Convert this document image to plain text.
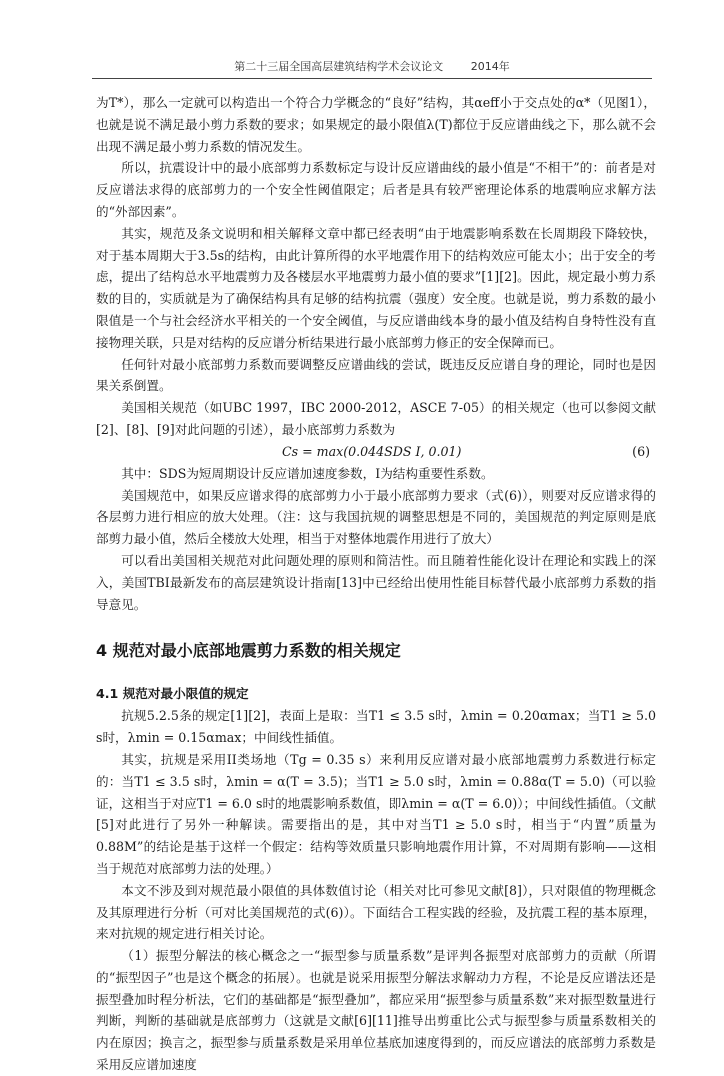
第二十三届全国高层建筑结构学术会议论文	2014年

为T*），那么一定就可以构造出一个符合力学概念的“良好”结构，其αeff小于交点处的α*（见图1），也就是说不满足最小剪力系数的要求；如果规定的最小限值λ(T)都位于反应谱曲线之下，那么就不会出现不满足最小剪力系数的情况发生。

所以，抗震设计中的最小底部剪力系数标定与设计反应谱曲线的最小值是“不相干”的：前者是对反应谱法求得的底部剪力的一个安全性阈值限定；后者是具有较严密理论体系的地震响应求解方法的“外部因素”。

其实，规范及条文说明和相关解释文章中都已经表明“由于地震影响系数在长周期段下降较快，对于基本周期大于3.5s的结构，由此计算所得的水平地震作用下的结构效应可能太小；出于安全的考虑，提出了结构总水平地震剪力及各楼层水平地震剪力最小值的要求”[1][2]。因此，规定最小剪力系数的目的，实质就是为了确保结构具有足够的结构抗震（强度）安全度。也就是说，剪力系数的最小限值是一个与社会经济水平相关的一个安全阈值，与反应谱曲线本身的最小值及结构自身特性没有直接物理关联，只是对结构的反应谱分析结果进行最小底部剪力修正的安全保障而已。

任何针对最小底部剪力系数而要调整反应谱曲线的尝试，既违反反应谱自身的理论，同时也是因果关系倒置。

美国相关规范（如UBC 1997，IBC 2000-2012，ASCE 7-05）的相关规定（也可以参阅文献[2]、[8]、[9]对此问题的引述），最小底部剪力系数为

Cs = max(0.044SDS I, 0.01)	(6)

其中：SDS为短周期设计反应谱加速度参数，I为结构重要性系数。

美国规范中，如果反应谱求得的底部剪力小于最小底部剪力要求（式(6)），则要对反应谱求得的各层剪力进行相应的放大处理。（注：这与我国抗规的调整思想是不同的，美国规范的判定原则是底部剪力最小值，然后全楼放大处理，相当于对整体地震作用进行了放大）

可以看出美国相关规范对此问题处理的原则和简洁性。而且随着性能化设计在理论和实践上的深入，美国TBI最新发布的高层建筑设计指南[13]中已经给出使用性能目标替代最小底部剪力系数的指导意见。

4 规范对最小底部地震剪力系数的相关规定
4.1 规范对最小限值的规定

抗规5.2.5条的规定[1][2]，表面上是取：当T1 ≤ 3.5 s时，λmin = 0.20αmax；当T1 ≥ 5.0 s时，λmin = 0.15αmax；中间线性插值。

其实，抗规是采用II类场地（Tg = 0.35 s）来利用反应谱对最小底部地震剪力系数进行标定的：当T1 ≤ 3.5 s时，λmin = α(T = 3.5)；当T1 ≥ 5.0 s时，λmin = 0.88α(T = 5.0)（可以验证，这相当于对应T1 = 6.0 s时的地震影响系数值，即λmin = α(T = 6.0)）；中间线性插值。（文献[5]对此进行了另外一种解读。需要指出的是，其中对当T1 ≥ 5.0 s时，相当于“内置”质量为0.88M”的结论是基于这样一个假定：结构等效质量只影响地震作用计算，不对周期有影响——这相当于规范对底部剪力法的处理。）

本文不涉及到对规范最小限值的具体数值讨论（相关对比可参见文献[8]），只对限值的物理概念及其原理进行分析（可对比美国规范的式(6)）。下面结合工程实践的经验，及抗震工程的基本原理，来对抗规的规定进行相关讨论。

（1）振型分解法的核心概念之一“振型参与质量系数”是评判各振型对底部剪力的贡献（所谓的“振型因子”也是这个概念的拓展）。也就是说采用振型分解法求解动力方程，不论是反应谱法还是振型叠加时程分析法，它们的基础都是“振型叠加”，都应采用“振型参与质量系数”来对振型数量进行判断，判断的基础就是底部剪力（这就是文献[6][11]推导出剪重比公式与振型参与质量系数相关的内在原因；换言之，振型参与质量系数是采用单位基底加速度得到的，而反应谱法的底部剪力系数是采用反应谱加速度
